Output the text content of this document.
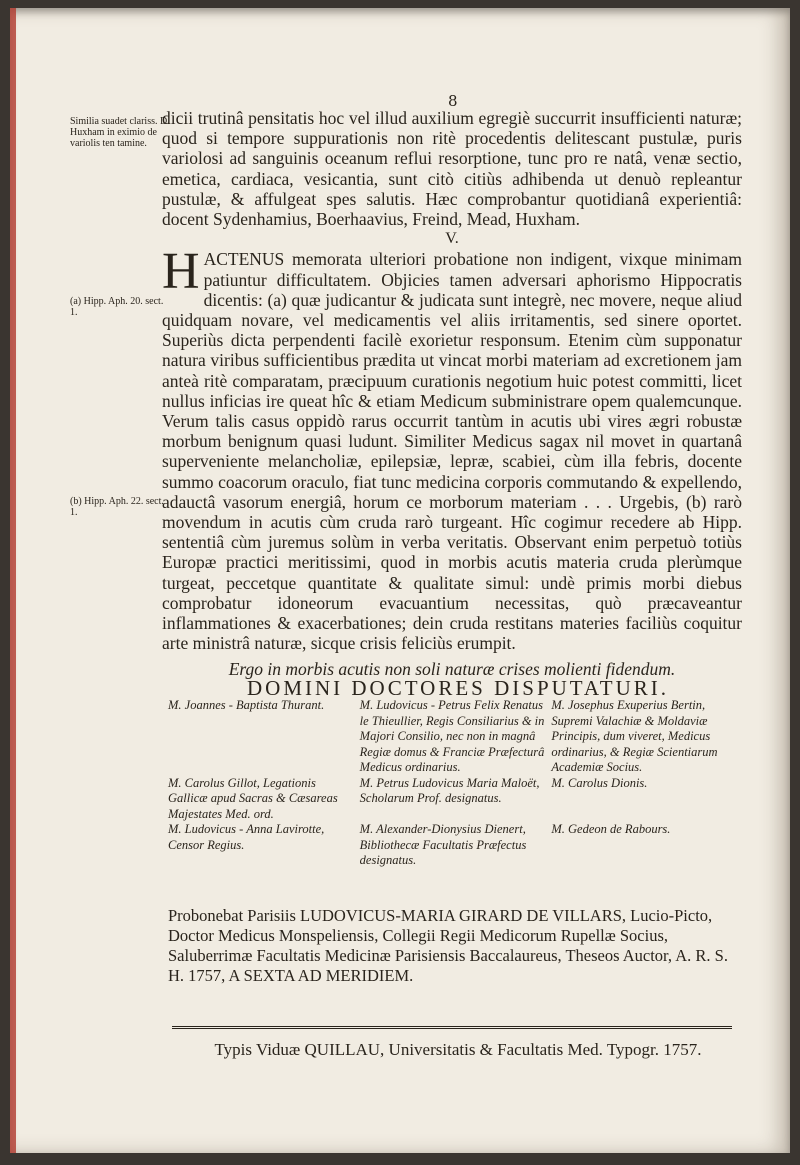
8
Similia suadet clariss. D. Huxham in eximio de variolis ten tamine.
(a) Hipp. Aph. 20. sect. 1.
(b) Hipp. Aph. 22. sect. 1.

dicii trutinâ pensitatis hoc vel illud auxilium egregiè succurrit insufficienti naturæ; quod si tempore suppurationis non ritè procedentis delitescant pustulæ, puris variolosi ad sanguinis oceanum reflui resorptione, tunc pro re natâ, venæ sectio, emetica, cardiaca, vesicantia, sunt citò citiùs adhibenda ut denuò repleantur pustulæ, & affulgeat spes salutis. Hæc comprobantur quotidianâ experientiâ: docent Sydenhamius, Boerhaavius, Freind, Mead, Huxham.

V.

HACTENUS memorata ulteriori probatione non indigent, vixque minimam patiuntur difficultatem. Objicies tamen adversari aphorismo Hippocratis dicentis: (a) quæ judicantur & judicata sunt integrè, nec movere, neque aliud quidquam novare, vel medicamentis vel aliis irritamentis, sed sinere oportet. Superiùs dicta perpendenti facilè exorietur responsum. Etenim cùm supponatur natura viribus sufficientibus prædita ut vincat morbi materiam ad excretionem jam anteà ritè comparatam, præcipuum curationis negotium huic potest committi, licet nullus inficias ire queat hîc & etiam Medicum subministrare opem qualemcunque. Verum talis casus oppidò rarus occurrit tantùm in acutis ubi vires ægri robustæ morbum benignum quasi ludunt. Similiter Medicus sagax nil movet in quartanâ superveniente melancholiæ, epilepsiæ, lepræ, scabiei, cùm illa febris, docente summo coacorum oraculo, fiat tunc medicina corporis commutando & expellendo, adauctâ vasorum energiâ, horum ce morborum materiam . . . Urgebis, (b) rarò movendum in acutis cùm cruda rarò turgeant. Hîc cogimur recedere ab Hipp. sententiâ cùm juremus solùm in verba veritatis. Observant enim perpetuò totiùs Europæ practici meritissimi, quod in morbis acutis materia cruda plerùmque turgeat, peccetque quantitate & qualitate simul: undè primis morbi diebus comprobatur idoneorum evacuantium necessitas, quò præcaveantur inflammationes & exacerbationes; dein cruda restitans materies faciliùs coquitur arte ministrâ naturæ, sicque crisis feliciùs erumpit.

Ergo in morbis acutis non soli naturæ crises molienti fidendum.

DOMINI DOCTORES DISPUTATURI.
M. Joannes - Baptista Thurant.	M. Ludovicus - Petrus Felix Renatus le Thieullier, Regis Consiliarius & in Majori Consilio, nec non in magnâ Regiæ domus & Franciæ Præfecturâ Medicus ordinarius.
M. Josephus Exuperius Bertin, Supremi Valachiæ & Moldaviæ Principis, dum viveret, Medicus ordinarius, & Regiæ Scientiarum Academiæ Socius.
M. Carolus Gillot, Legationis Gallicæ apud Sacras & Cæsareas Majestates Med. ord.
M. Petrus Ludovicus Maria Maloët, Scholarum Prof. designatus.
M. Carolus Dionis.
M. Ludovicus - Anna Lavirotte, Censor Regius.
M. Alexander-Dionysius Dienert, Bibliothecæ Facultatis Præfectus designatus.
M. Gedeon de Rabours.
Probonebat Parisiis LUDOVICUS-MARIA GIRARD DE VILLARS, Lucio-Picto, Doctor Medicus Monspeliensis, Collegii Regii Medicorum Rupellæ Socius, Saluberrimæ Facultatis Medicinæ Parisiensis Baccalaureus, Theseos Auctor, A. R. S. H. 1757, A SEXTA AD MERIDIEM.
Typis Viduæ QUILLAU, Universitatis & Facultatis Med. Typogr. 1757.
